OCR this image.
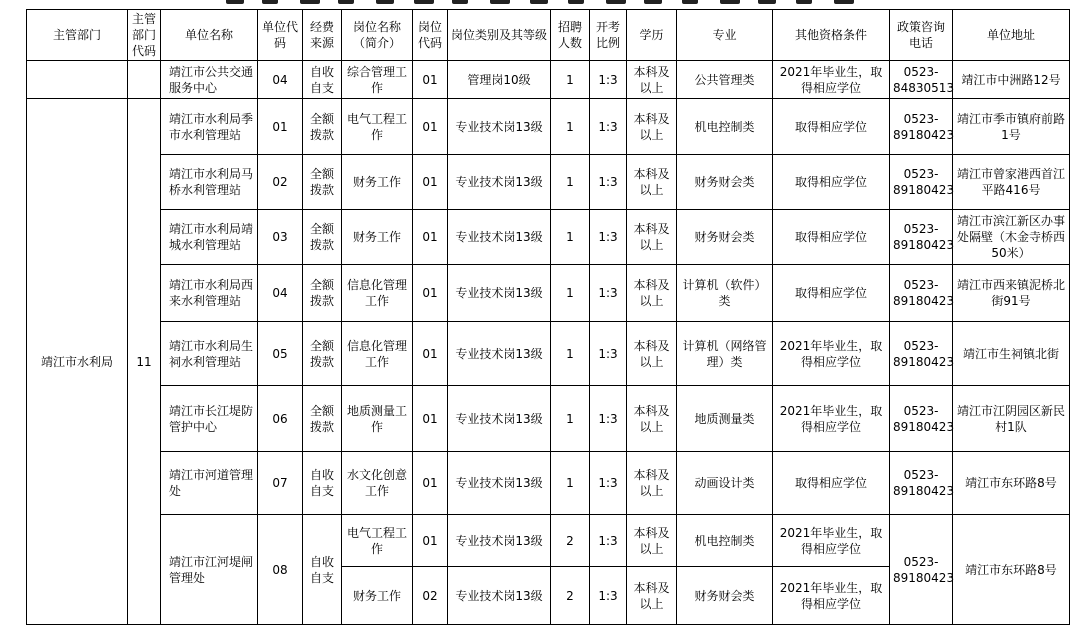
主管部门	主管部门代码	单位名称	单位代码	经费来源	岗位名称（简介）	岗位代码	岗位类别及其等级	招聘人数	开考比例	学历	专业	其他资格条件	政策咨询电话	单位地址
		靖江市公共交通服务中心	04	自收自支	综合管理工作	01	管理岗10级	1	1:3	本科及以上	公共管理类	2021年毕业生，取得相应学位	0523-84830513	靖江市中洲路12号
靖江市水利局	11	靖江市水利局季市水利管理站	01	全额拨款	电气工程工作	01	专业技术岗13级	1	1:3	本科及以上	机电控制类	取得相应学位	0523-89180423	靖江市季市镇府前路1号
		靖江市水利局马桥水利管理站	02	全额拨款	财务工作	01	专业技术岗13级	1	1:3	本科及以上	财务财会类	取得相应学位	0523-89180423	靖江市曾家港西首江平路416号
		靖江市水利局靖城水利管理站	03	全额拨款	财务工作	01	专业技术岗13级	1	1:3	本科及以上	财务财会类	取得相应学位	0523-89180423	靖江市滨江新区办事处隔壁（木金寺桥西50米）
		靖江市水利局西来水利管理站	04	全额拨款	信息化管理工作	01	专业技术岗13级	1	1:3	本科及以上	计算机（软件）类	取得相应学位	0523-89180423	靖江市西来镇泥桥北街91号
		靖江市水利局生祠水利管理站	05	全额拨款	信息化管理工作	01	专业技术岗13级	1	1:3	本科及以上	计算机（网络管理）类	2021年毕业生，取得相应学位	0523-89180423	靖江市生祠镇北街
		靖江市长江堤防管护中心	06	全额拨款	地质测量工作	01	专业技术岗13级	1	1:3	本科及以上	地质测量类	2021年毕业生，取得相应学位	0523-89180423	靖江市江阴园区新民村1队
		靖江市河道管理处	07	自收自支	水文化创意工作	01	专业技术岗13级	1	1:3	本科及以上	动画设计类	取得相应学位	0523-89180423	靖江市东环路8号
		靖江市江河堤闸管理处	08	自收自支	电气工程工作	01	专业技术岗13级	2	1:3	本科及以上	机电控制类	2021年毕业生，取得相应学位	0523-89180423	靖江市东环路8号
					财务工作	02	专业技术岗13级	2	1:3	本科及以上	财务财会类	2021年毕业生，取得相应学位		
